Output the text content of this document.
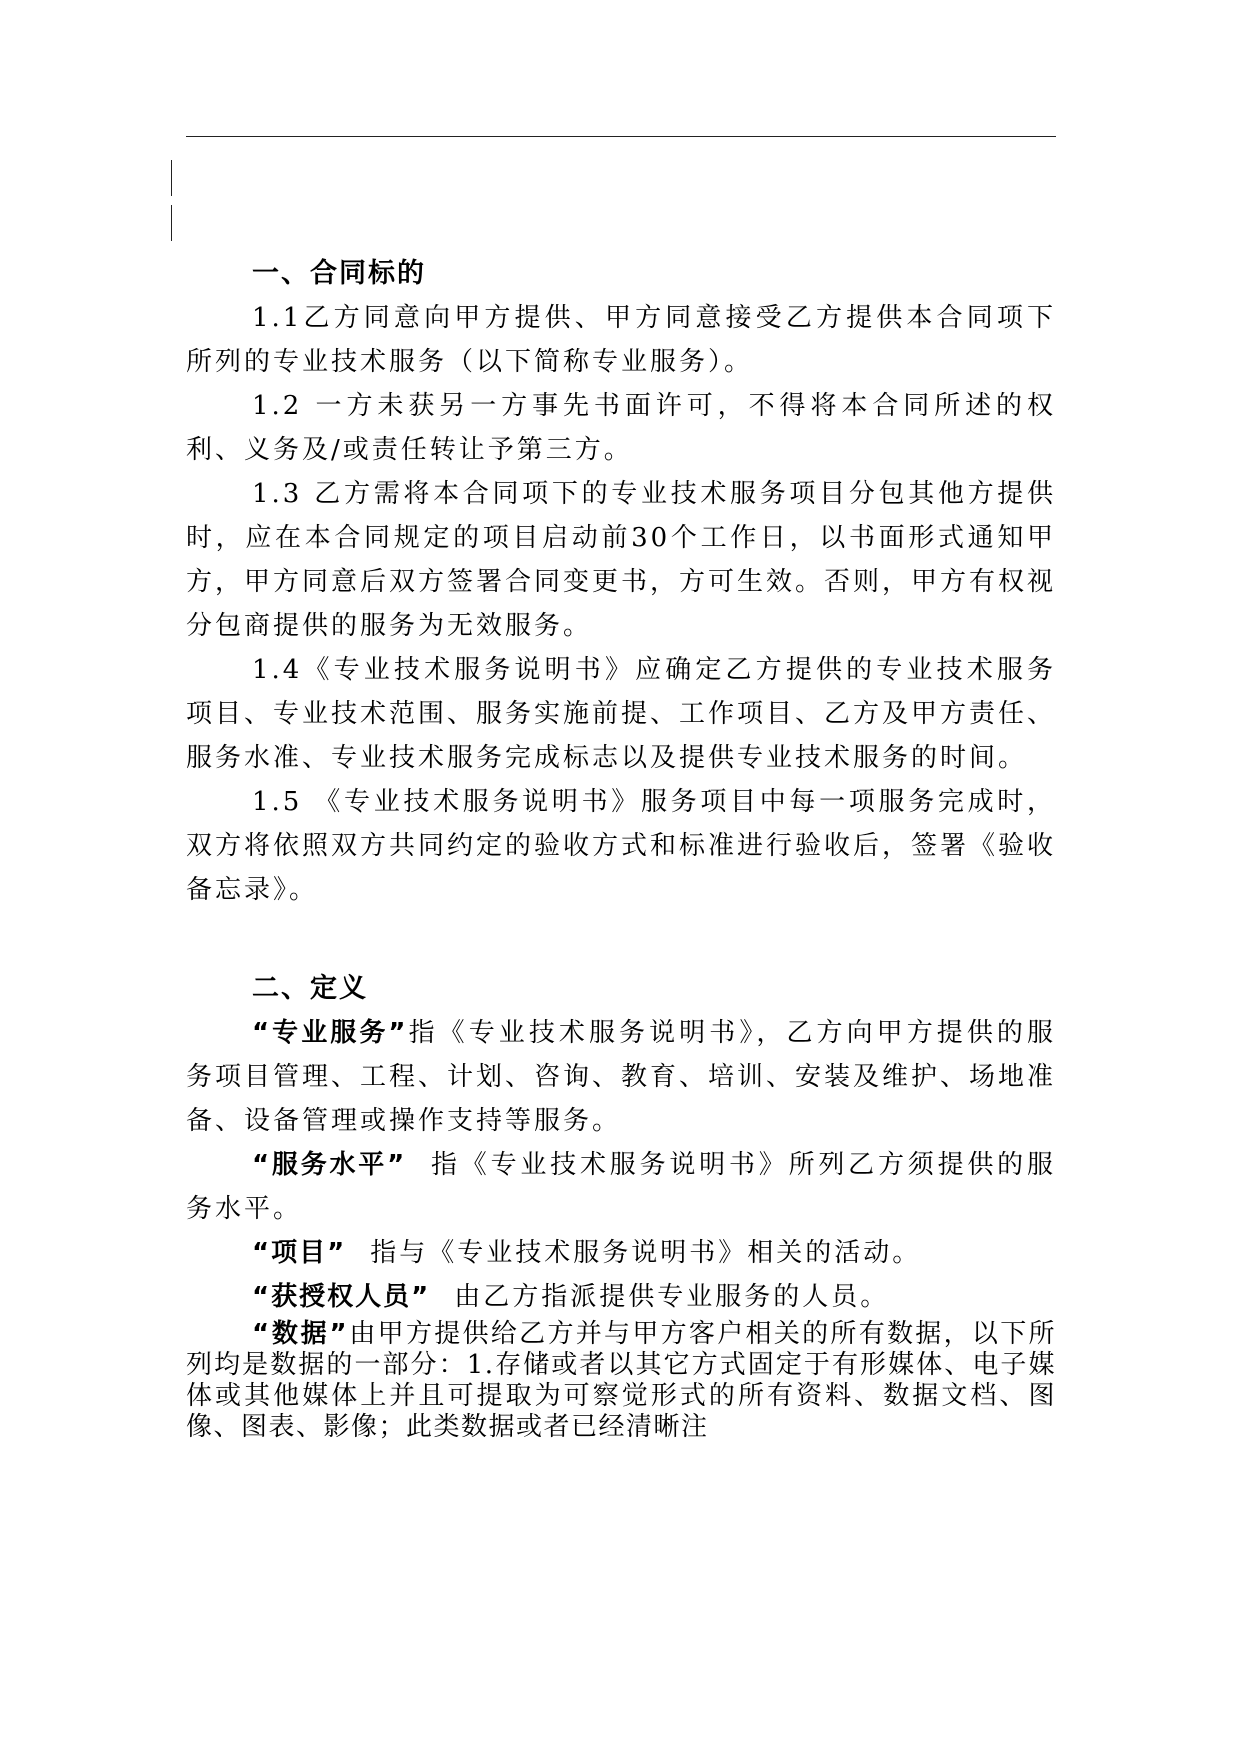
一、合同标的

1.1乙方同意向甲方提供、甲方同意接受乙方提供本合同项下所列的专业技术服务（以下简称专业服务）。

1.2 一方未获另一方事先书面许可，不得将本合同所述的权利、义务及/或责任转让予第三方。

1.3 乙方需将本合同项下的专业技术服务项目分包其他方提供时，应在本合同规定的项目启动前30个工作日，以书面形式通知甲方，甲方同意后双方签署合同变更书，方可生效。否则，甲方有权视分包商提供的服务为无效服务。

1.4《专业技术服务说明书》应确定乙方提供的专业技术服务项目、专业技术范围、服务实施前提、工作项目、乙方及甲方责任、服务水准、专业技术服务完成标志以及提供专业技术服务的时间。

1.5 《专业技术服务说明书》服务项目中每一项服务完成时，双方将依照双方共同约定的验收方式和标准进行验收后，签署《验收备忘录》。

二、定义

“专业服务”指《专业技术服务说明书》，乙方向甲方提供的服务项目管理、工程、计划、咨询、教育、培训、安装及维护、场地准备、设备管理或操作支持等服务。

“服务水平” 指《专业技术服务说明书》所列乙方须提供的服务水平。

“项目” 指与《专业技术服务说明书》相关的活动。

“获授权人员” 由乙方指派提供专业服务的人员。

“数据”由甲方提供给乙方并与甲方客户相关的所有数据，以下所列均是数据的一部分：1.存储或者以其它方式固定于有形媒体、电子媒体或其他媒体上并且可提取为可察觉形式的所有资料、数据文档、图像、图表、影像；此类数据或者已经清晰注
